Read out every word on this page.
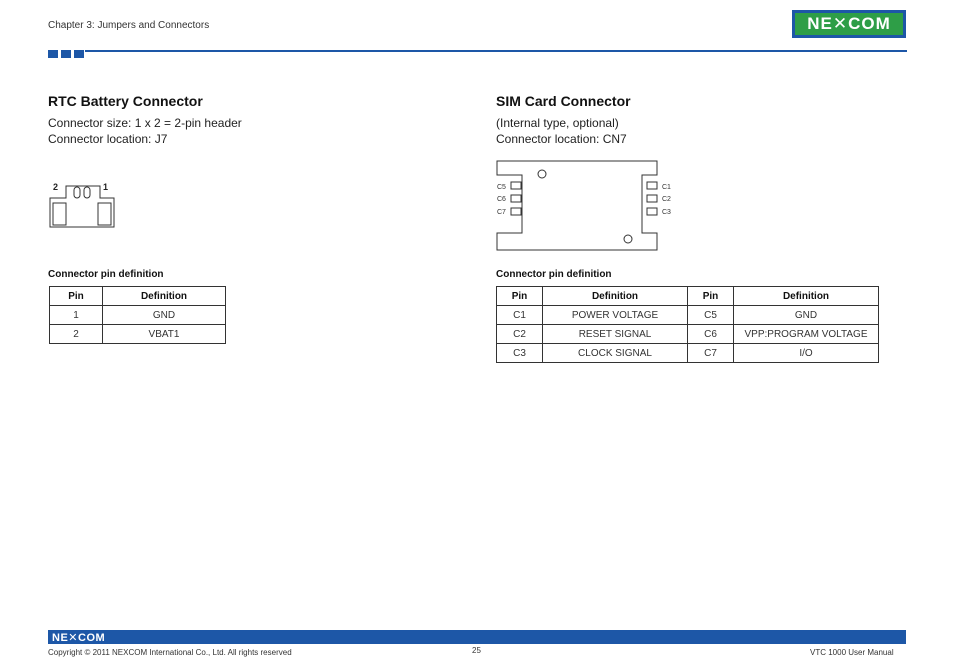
Chapter 3: Jumpers and Connectors	NE✕COM
RTC Battery Connector
Connector size: 1 x 2 = 2-pin header
Connector location: J7
2	1
Connector pin definition
Pin	Definition
1	GND
2	VBAT1
SIM Card Connector
(Internal type, optional)
Connector location: CN7
C5
C6
C7
C1
C2
C3
Connector pin definition
Pin	Definition	Pin	Definition
C1	POWER VOLTAGE	C5	GND
C2	RESET SIGNAL	C6	VPP:PROGRAM VOLTAGE
C3	CLOCK SIGNAL	C7	I/O
NE✕COM
Copyright © 2011 NEXCOM International Co., Ltd. All rights reserved	25	VTC 1000 User Manual
